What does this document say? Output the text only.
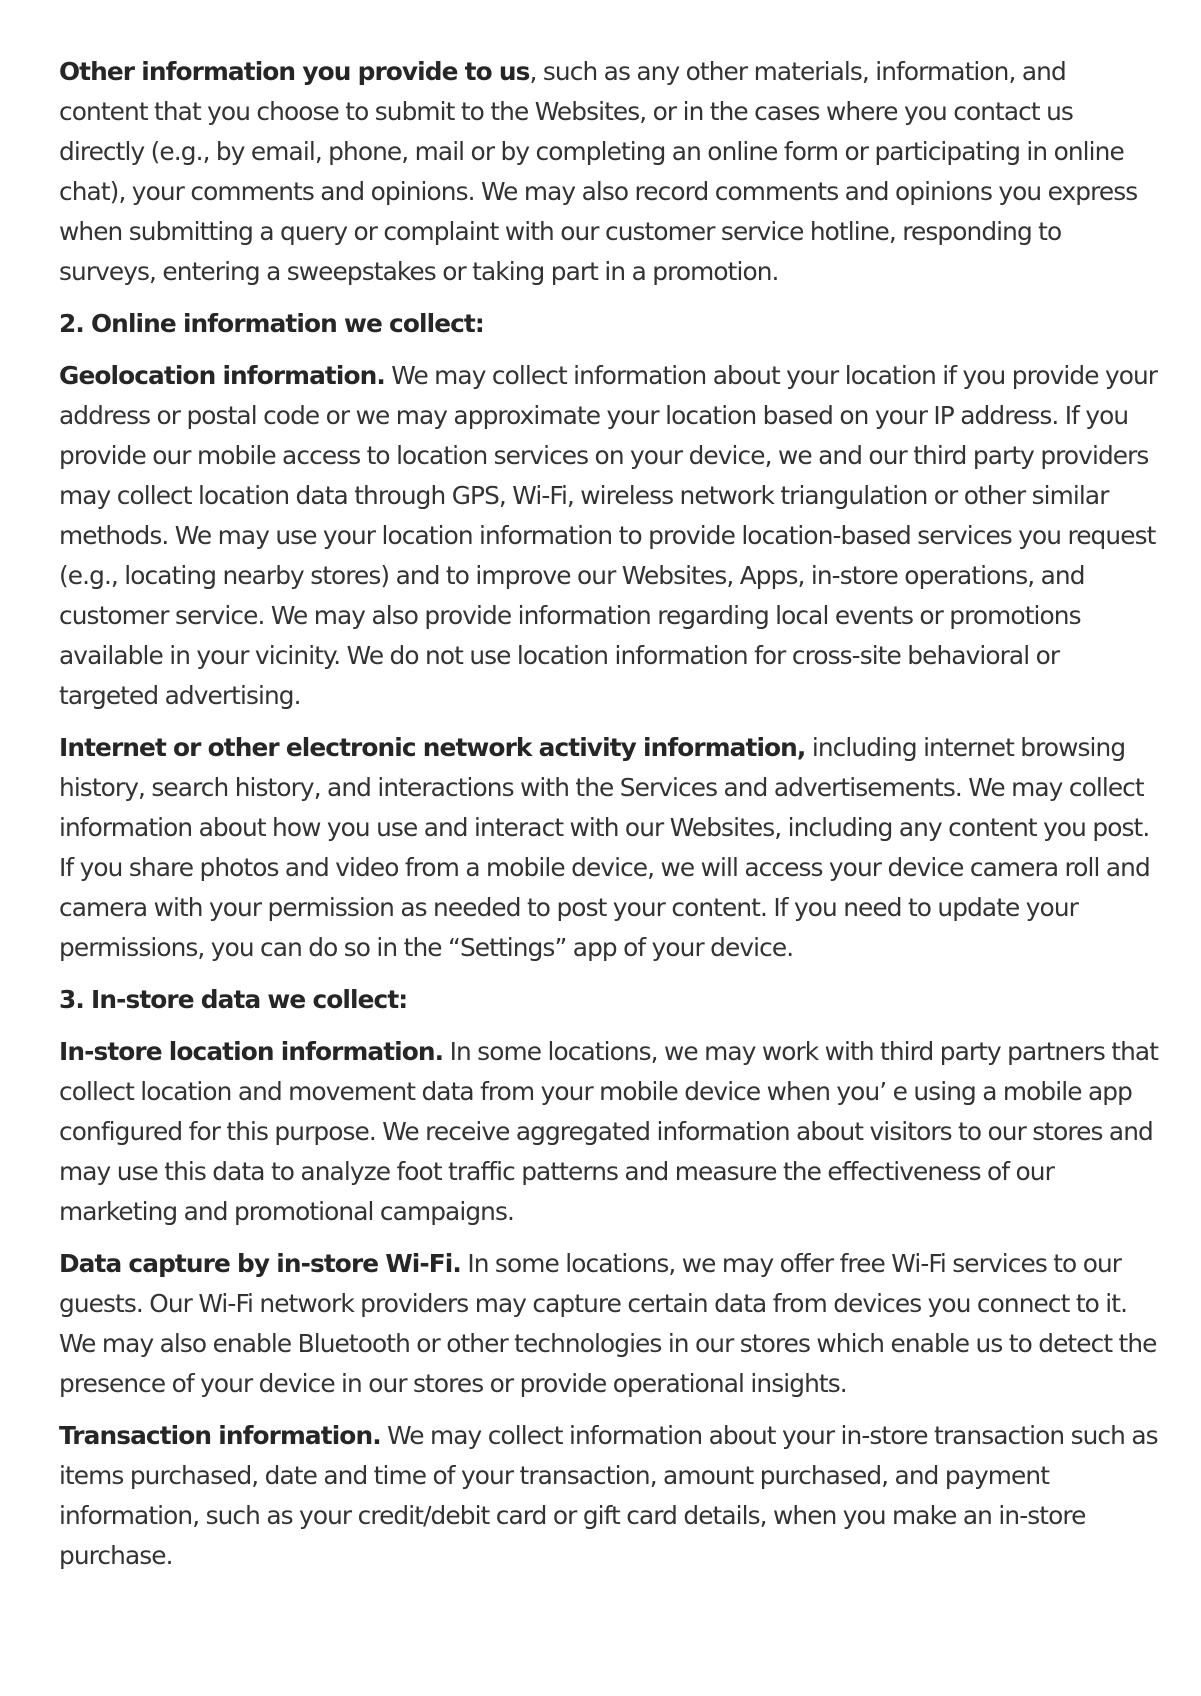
Other information you provide to us, such as any other materials, information, and content that you choose to submit to the Websites, or in the cases where you contact us directly (e.g., by email, phone, mail or by completing an online form or participating in online chat), your comments and opinions. We may also record comments and opinions you express when submitting a query or complaint with our customer service hotline, responding to surveys, entering a sweepstakes or taking part in a promotion.

2. Online information we collect:

Geolocation information. We may collect information about your location if you provide your address or postal code or we may approximate your location based on your IP address. If you provide our mobile access to location services on your device, we and our third party providers may collect location data through GPS, Wi-Fi, wireless network triangulation or other similar methods. We may use your location information to provide location-based services you request (e.g., locating nearby stores) and to improve our Websites, Apps, in-store operations, and customer service. We may also provide information regarding local events or promotions available in your vicinity. We do not use location information for cross-site behavioral or targeted advertising.

Internet or other electronic network activity information, including internet browsing history, search history, and interactions with the Services and advertisements. We may collect information about how you use and interact with our Websites, including any content you post. If you share photos and video from a mobile device, we will access your device camera roll and camera with your permission as needed to post your content. If you need to update your permissions, you can do so in the “Settings” app of your device.

3. In-store data we collect:

In-store location information. In some locations, we may work with third party partners that collect location and movement data from your mobile device when you’ e using a mobile app configured for this purpose. We receive aggregated information about visitors to our stores and may use this data to analyze foot traffic patterns and measure the effectiveness of our marketing and promotional campaigns.

Data capture by in-store Wi-Fi. In some locations, we may offer free Wi-Fi services to our guests. Our Wi-Fi network providers may capture certain data from devices you connect to it. We may also enable Bluetooth or other technologies in our stores which enable us to detect the presence of your device in our stores or provide operational insights.

Transaction information. We may collect information about your in-store transaction such as items purchased, date and time of your transaction, amount purchased, and payment information, such as your credit/debit card or gift card details, when you make an in-store purchase.
